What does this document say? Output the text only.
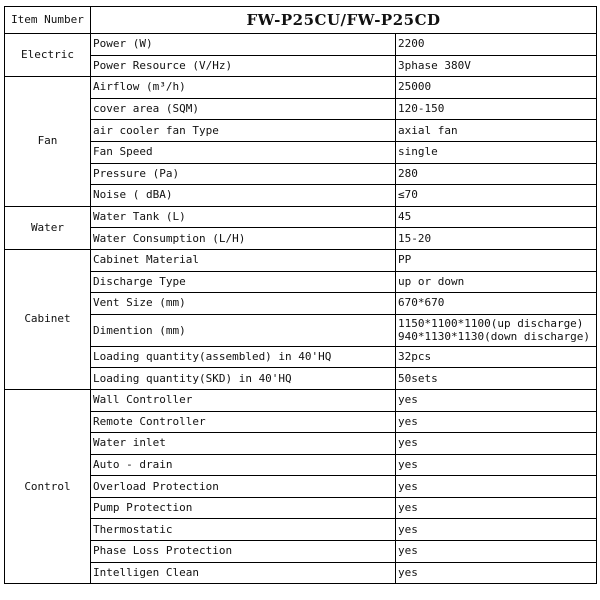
Item Number	FW-P25CU/FW-P25CD	
Electric	Power (W)	2200
	Power Resource (V/Hz)	3phase 380V
Fan	Airflow (m³/h)	25000
	cover area (SQM)	120-150
	air cooler fan Type	axial fan
	Fan Speed	single
	Pressure (Pa)	280
	Noise ( dBA)	≤70
Water	Water Tank (L)	45
	Water Consumption (L/H)	15-20
Cabinet	Cabinet Material	PP
	Discharge Type	up or down
	Vent Size (mm)	670*670
	Dimention (mm)	1150*1100*1100(up discharge)
940*1130*1130(down discharge)

	Loading quantity(assembled) in 40'HQ	32pcs
	Loading quantity(SKD) in 40'HQ	50sets
Control	Wall Controller	yes
	Remote Controller	yes
	Water inlet	yes
	Auto - drain	yes
	Overload Protection	yes
	Pump Protection	yes
	Thermostatic	yes
	Phase Loss Protection	yes
	Intelligen Clean	yes
